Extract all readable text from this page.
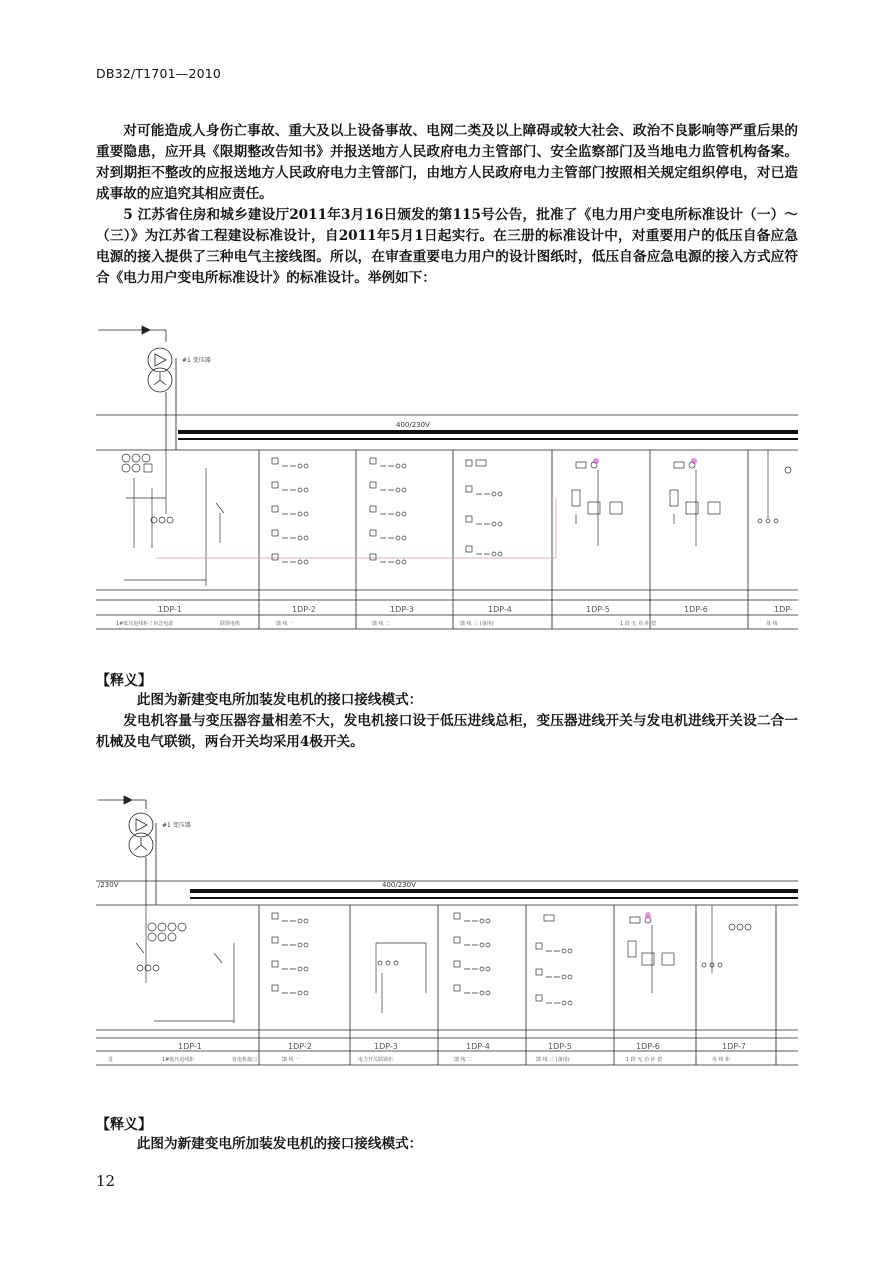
DB32/T1701—2010

对可能造成人身伤亡事故、重大及以上设备事故、电网二类及以上障碍或较大社会、政治不良影响等严重后果的重要隐患，应开具《限期整改告知书》并报送地方人民政府电力主管部门、安全监察部门及当地电力监管机构备案。对到期拒不整改的应报送地方人民政府电力主管部门，由地方人民政府电力主管部门按照相关规定组织停电，对已造成事故的应追究其相应责任。

5 江苏省住房和城乡建设厅2011年3月16日颁发的第115号公告，批准了《电力用户变电所标准设计（一）～（三）》为江苏省工程建设标准设计，自2011年5月1日起实行。在三册的标准设计中，对重要用户的低压自备应急电源的接入提供了三种电气主接线图。所以，在审查重要电力用户的设计图纸时，低压自备应急电源的接入方式应符合《电力用户变电所标准设计》的标准设计。举例如下：

400/230V
#1 变压器
1DP-1	1DP-2	1DP-3	1DP-4	1DP-5	1DP-6	1DP-
1#低压进线柜 / 应急电源	联络电缆	馈 线 一	馈 线 二	馈 线 三 (备用)	1 段 无 功 补 偿	母 线

【释义】

此图为新建变电所加装发电机的接口接线模式：

发电机容量与变压器容量相差不大，发电机接口设于低压进线总柜，变压器进线开关与发电机进线开关设二合一机械及电气联锁，两台开关均采用4极开关。

400/230V
/230V
#1 变压器
1DP-1	1DP-2	1DP-3	1DP-4	1DP-5	1DP-6	1DP-7
进	1#低压进线柜	发电机接口	馈 线 一	电力开关联锁柜	馈 线 二	馈 线 三 (备用)	1 段 无 功 补 偿	母 线 柜

【释义】

此图为新建变电所加装发电机的接口接线模式：

12
